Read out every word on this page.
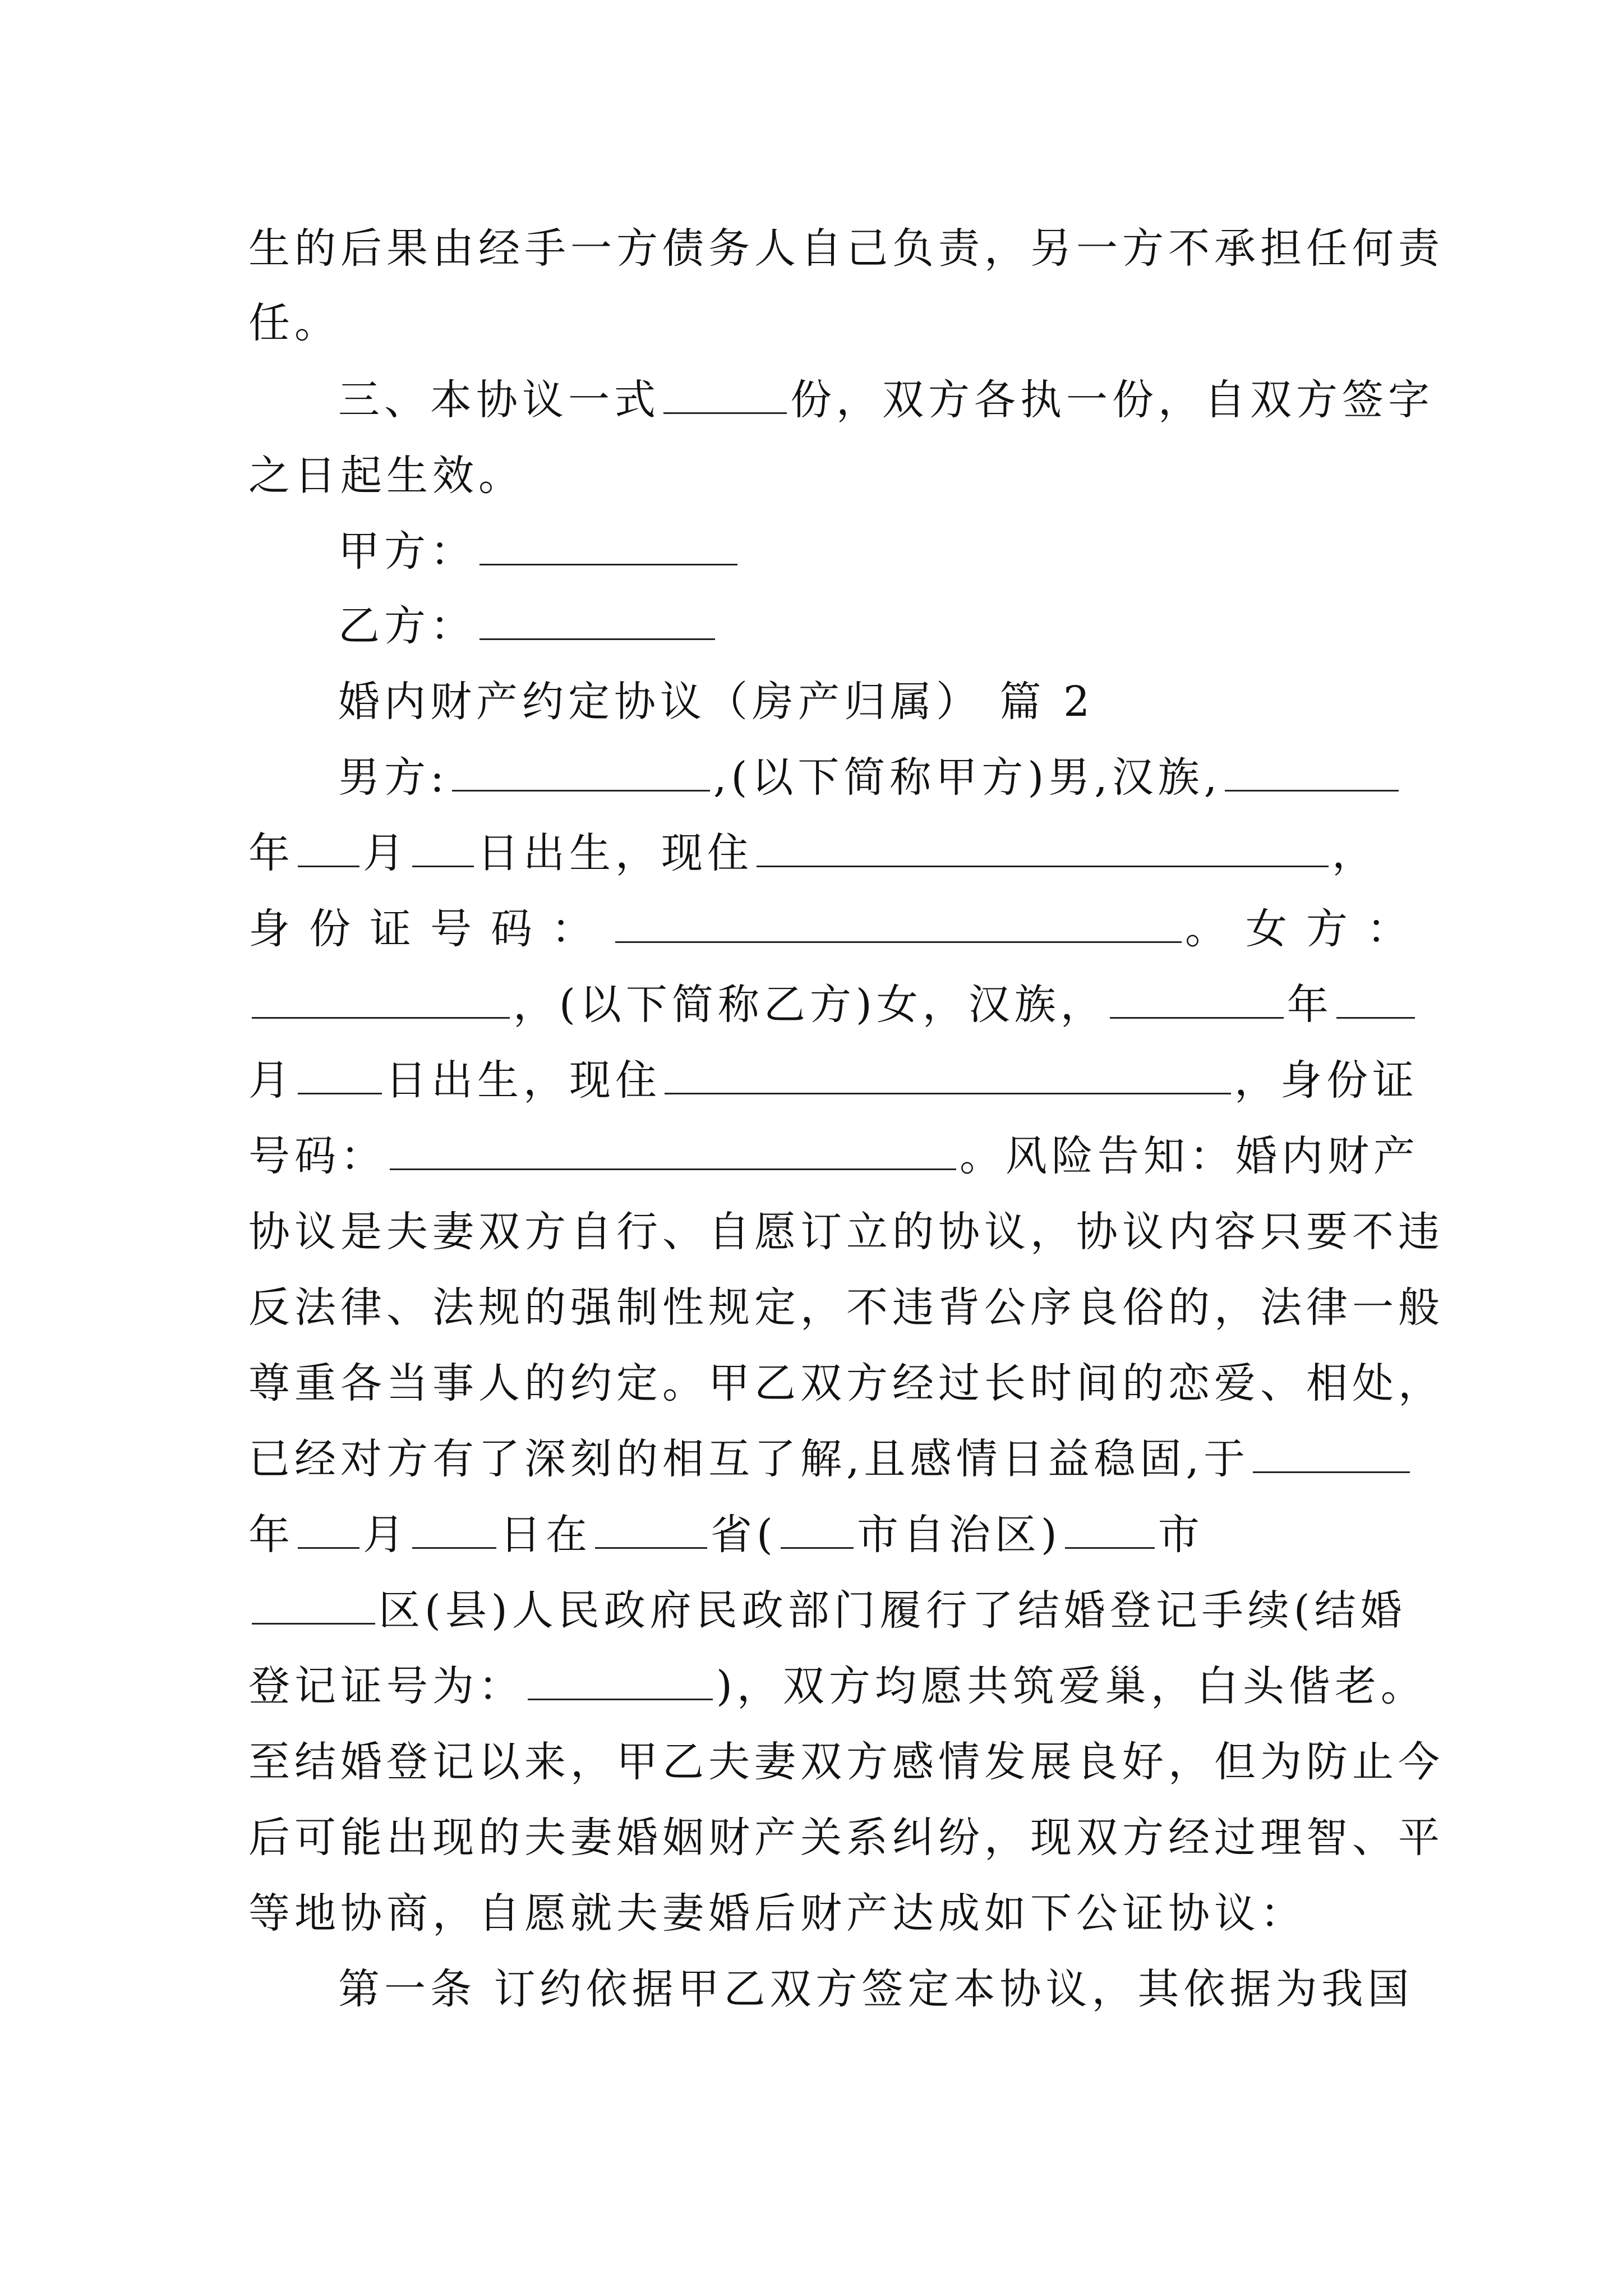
生的后果由经手一方债务人自己负责，另一方不承担任何责
任。
三、本协议一式	份，双方各执一份，自双方签字
之日起生效。
甲方：
乙方：
婚内财产约定协议（房产归属） 篇 2
男方:	,(以下简称甲方)男,汉族,
年 月 日出生，现住	，
身份证号码：	。女方：
，(以下简称乙方)女，汉族，	年
月 日出生，现住	，身份证
号码：	。风险告知：婚内财产
协议是夫妻双方自行、自愿订立的协议，协议内容只要不违
反法律、法规的强制性规定，不违背公序良俗的，法律一般
尊重各当事人的约定。甲乙双方经过长时间的恋爱、相处，
已经对方有了深刻的相互了解,且感情日益稳固,于
年 月 日在	省( 市自治区) 市
区(县)人民政府民政部门履行了结婚登记手续(结婚
登记证号为：	)，双方均愿共筑爱巢，白头偕老。
至结婚登记以来，甲乙夫妻双方感情发展良好，但为防止今
后可能出现的夫妻婚姻财产关系纠纷，现双方经过理智、平
等地协商，自愿就夫妻婚后财产达成如下公证协议：
第一条 订约依据甲乙双方签定本协议，其依据为我国
